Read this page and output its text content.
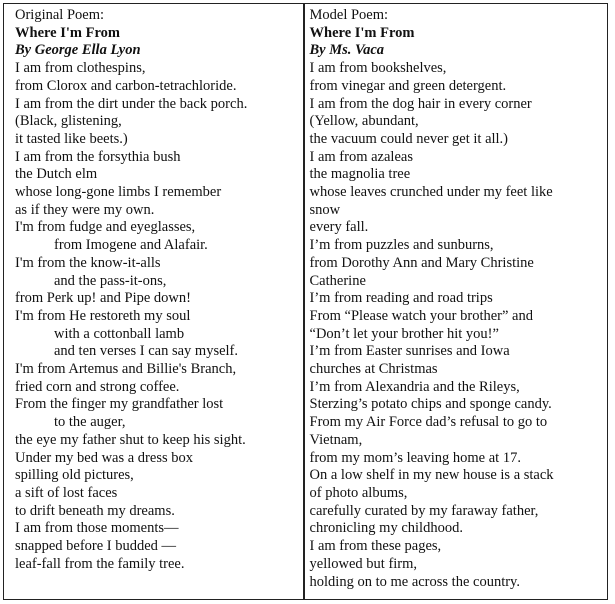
Original Poem:
Where I'm From
By George Ella Lyon
I am from clothespins,
from Clorox and carbon-tetrachloride.
I am from the dirt under the back porch.
(Black, glistening,
it tasted like beets.)
I am from the forsythia bush
the Dutch elm
whose long-gone limbs I remember
as if they were my own.
I'm from fudge and eyeglasses,
from Imogene and Alafair.
I'm from the know-it-alls
and the pass-it-ons,
from Perk up! and Pipe down!
I'm from He restoreth my soul
with a cottonball lamb
and ten verses I can say myself.
I'm from Artemus and Billie's Branch,
fried corn and strong coffee.
From the finger my grandfather lost
to the auger,
the eye my father shut to keep his sight.
Under my bed was a dress box
spilling old pictures,
a sift of lost faces
to drift beneath my dreams.
I am from those moments—
snapped before I budded —
leaf-fall from the family tree.
Model Poem:
Where I'm From
By Ms. Vaca
I am from bookshelves,
from vinegar and green detergent.
I am from the dog hair in every corner
(Yellow, abundant,
the vacuum could never get it all.)
I am from azaleas
the magnolia tree
whose leaves crunched under my feet like
snow
every fall.
I’m from puzzles and sunburns,
from Dorothy Ann and Mary Christine
Catherine
I’m from reading and road trips
From “Please watch your brother” and
“Don’t let your brother hit you!”
I’m from Easter sunrises and Iowa
churches at Christmas
I’m from Alexandria and the Rileys,
Sterzing’s potato chips and sponge candy.
From my Air Force dad’s refusal to go to
Vietnam,
from my mom’s leaving home at 17.
On a low shelf in my new house is a stack
of photo albums,
carefully curated by my faraway father,
chronicling my childhood.
I am from these pages,
yellowed but firm,
holding on to me across the country.
